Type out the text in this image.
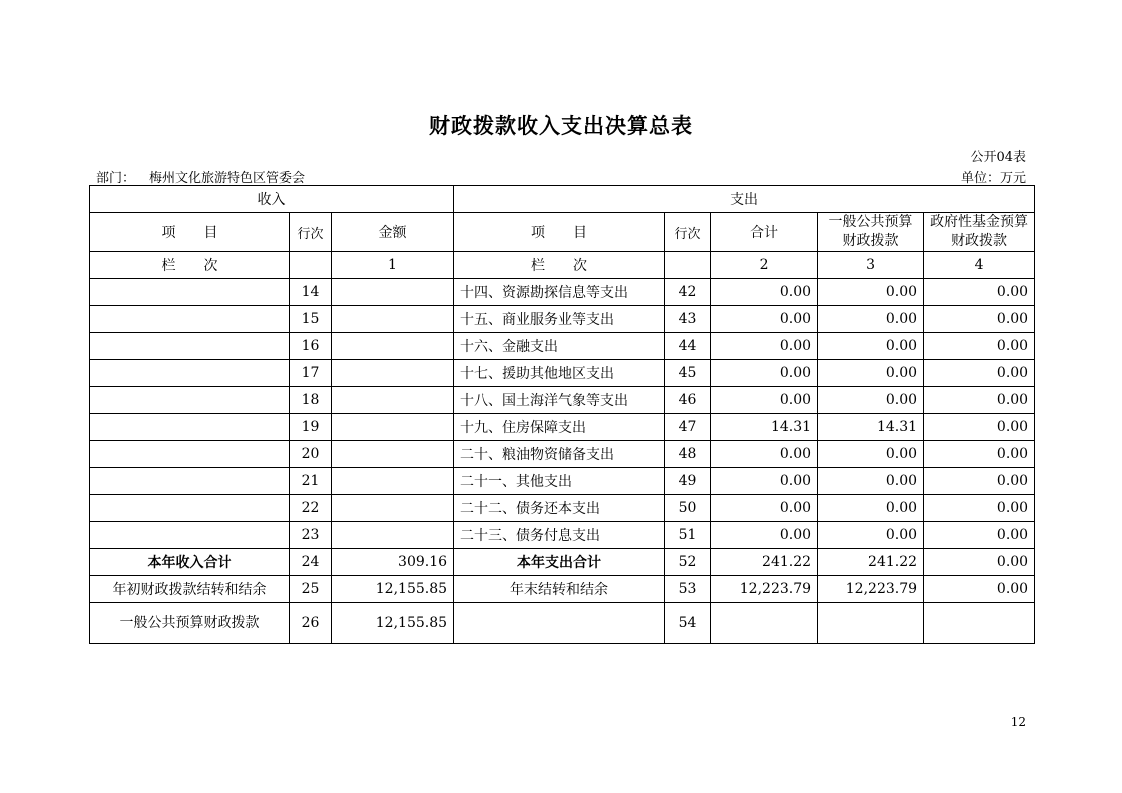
财政拨款收入支出决算总表
公开04表
部门： 梅州文化旅游特色区管委会	单位：万元
收入			支出				
项　　目	行次	金额	项　　目	行次	合计	一般公共预算财政拨款	政府性基金预算财政拨款
栏　　次		1	栏　　次		2	3	4
	14		十四、资源勘探信息等支出	42	0.00	0.00	0.00
	15		十五、商业服务业等支出	43	0.00	0.00	0.00
	16		十六、金融支出	44	0.00	0.00	0.00
	17		十七、援助其他地区支出	45	0.00	0.00	0.00
	18		十八、国土海洋气象等支出	46	0.00	0.00	0.00
	19		十九、住房保障支出	47	14.31	14.31	0.00
	20		二十、粮油物资储备支出	48	0.00	0.00	0.00
	21		二十一、其他支出	49	0.00	0.00	0.00
	22		二十二、债务还本支出	50	0.00	0.00	0.00
	23		二十三、债务付息支出	51	0.00	0.00	0.00
本年收入合计	24	309.16	本年支出合计	52	241.22	241.22	0.00
年初财政拨款结转和结余	25	12,155.85	年末结转和结余	53	12,223.79	12,223.79	0.00
一般公共预算财政拨款	26	12,155.85		54			
12
